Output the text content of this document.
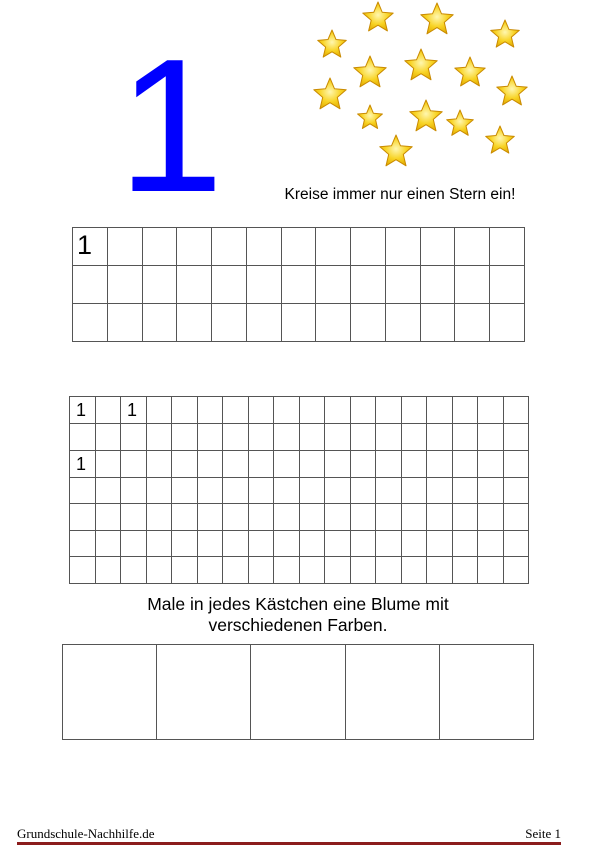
1	Kreise immer nur einen Stern ein!
1												

1		1															

1																	

Male in jedes Kästchen eine Blume mit
verschiedenen Farben.

Grundschule-Nachhilfe.de	Seite 1
